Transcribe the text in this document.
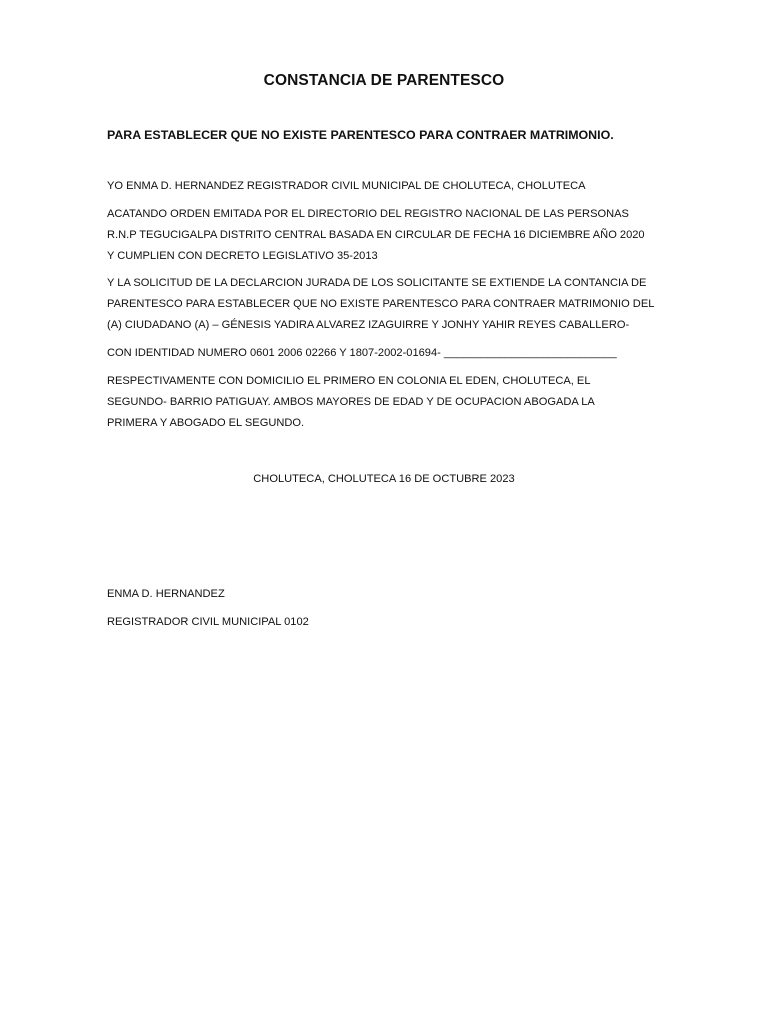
CONSTANCIA DE PARENTESCO
PARA ESTABLECER QUE NO EXISTE PARENTESCO PARA CONTRAER MATRIMONIO.

YO ENMA D. HERNANDEZ REGISTRADOR CIVIL MUNICIPAL DE CHOLUTECA, CHOLUTECA

ACATANDO ORDEN EMITADA POR EL DIRECTORIO DEL REGISTRO NACIONAL DE LAS PERSONAS
R.N.P TEGUCIGALPA DISTRITO CENTRAL BASADA EN CIRCULAR DE FECHA 16 DICIEMBRE AÑO 2020
Y CUMPLIEN CON DECRETO LEGISLATIVO 35-2013

Y LA SOLICITUD DE LA DECLARCION JURADA DE LOS SOLICITANTE SE EXTIENDE LA CONTANCIA DE
PARENTESCO PARA ESTABLECER QUE NO EXISTE PARENTESCO PARA CONTRAER MATRIMONIO DEL
(A) CIUDADANO (A) – GÉNESIS YADIRA ALVAREZ IZAGUIRRE Y JONHY YAHIR REYES CABALLERO-

CON IDENTIDAD NUMERO 0601 2006 02266 Y 1807-2002-01694- ____________________________

RESPECTIVAMENTE CON DOMICILIO EL PRIMERO EN COLONIA EL EDEN, CHOLUTECA, EL
SEGUNDO- BARRIO PATIGUAY. AMBOS MAYORES DE EDAD Y DE OCUPACION ABOGADA LA
PRIMERA Y ABOGADO EL SEGUNDO.

CHOLUTECA, CHOLUTECA 16 DE OCTUBRE 2023

ENMA D. HERNANDEZ

REGISTRADOR CIVIL MUNICIPAL 0102
